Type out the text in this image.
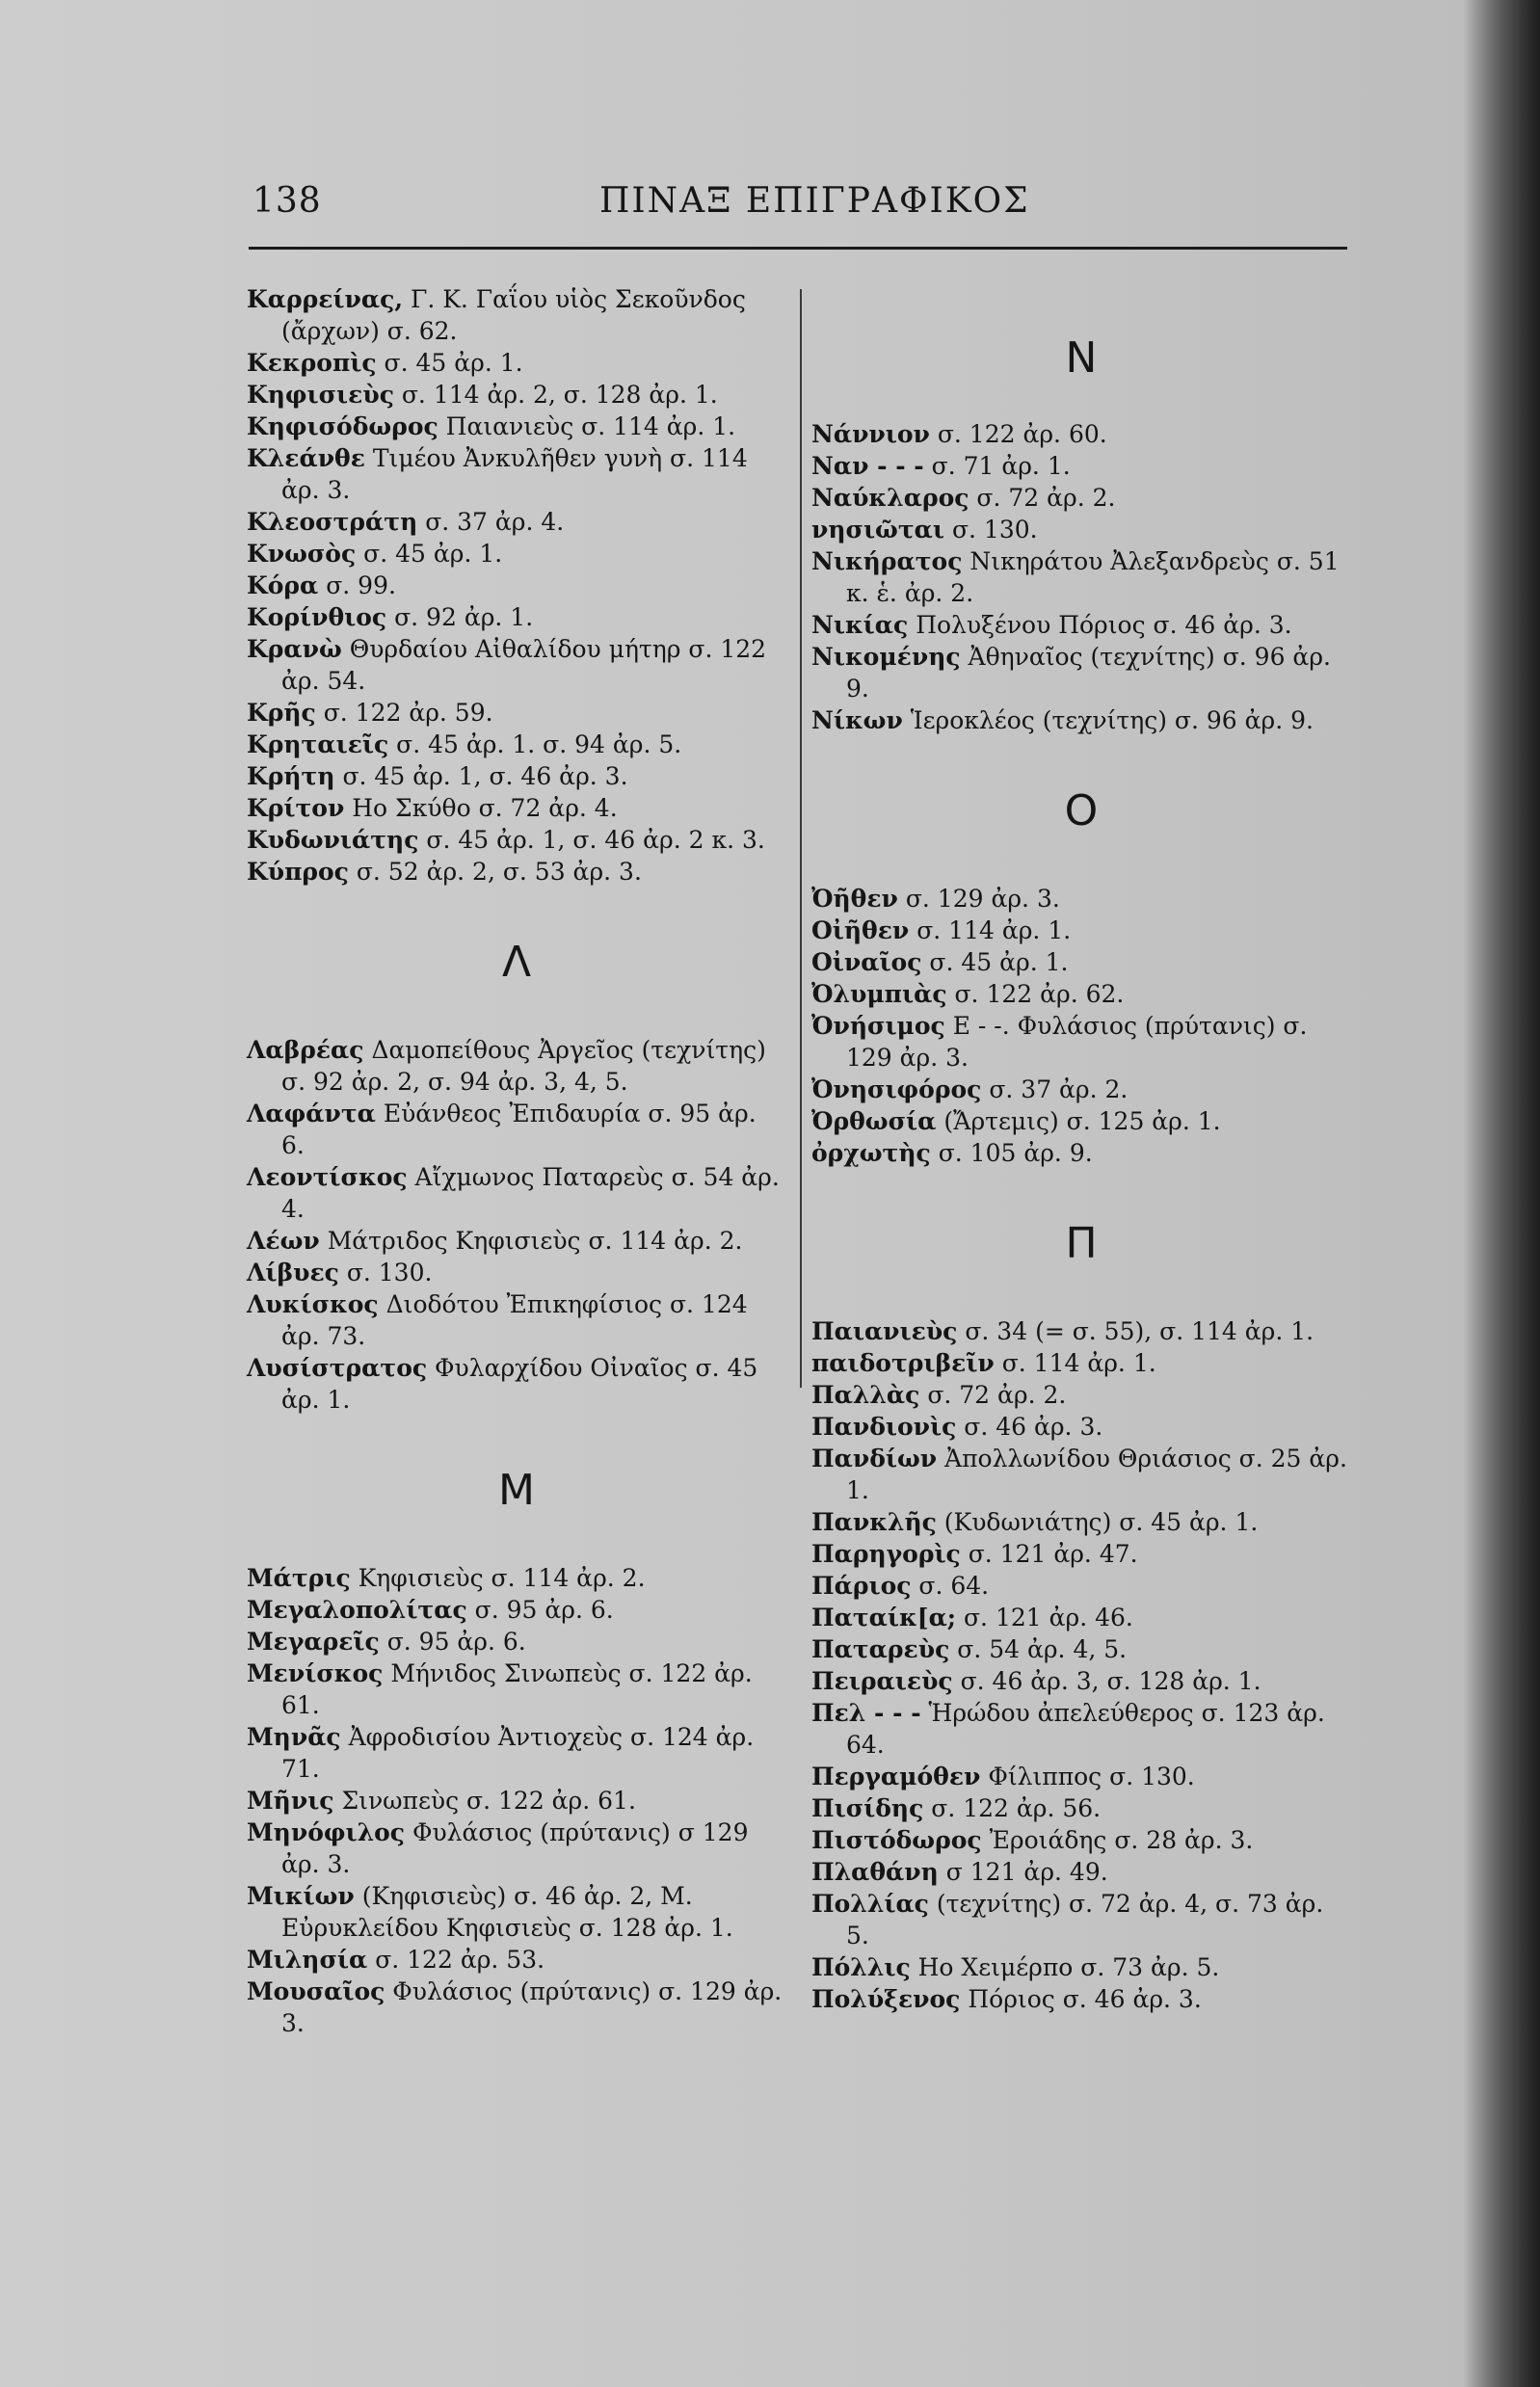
138	ΠΙΝΑΞ ΕΠΙΓΡΑΦΙΚΟΣ

Καρρείνας, Γ. Κ. Γαΐου υἱὸς Σεκοῦνδος (ἄρχων) σ. 62.

Κεκροπὶς σ. 45 ἀρ. 1.

Κηφισιεὺς σ. 114 ἀρ. 2, σ. 128 ἀρ. 1.

Κηφισόδωρος Παιανιεὺς σ. 114 ἀρ. 1.

Κλεάνθε Τιμέου Ἀνκυλῆθεν γυνὴ σ. 114 ἀρ. 3.

Κλεοστράτη σ. 37 ἀρ. 4.

Κνωσὸς σ. 45 ἀρ. 1.

Κόρα σ. 99.

Κορίνθιος σ. 92 ἀρ. 1.

Κρανὼ Θυρδαίου Αἰθαλίδου μήτηρ σ. 122 ἀρ. 54.

Κρῆς σ. 122 ἀρ. 59.

Κρηταιεῖς σ. 45 ἀρ. 1. σ. 94 ἀρ. 5.

Κρήτη σ. 45 ἀρ. 1, σ. 46 ἀρ. 3.

Κρίτον Ηο Σκύθο σ. 72 ἀρ. 4.

Κυδωνιάτης σ. 45 ἀρ. 1, σ. 46 ἀρ. 2 κ. 3.

Κύπρος σ. 52 ἀρ. 2, σ. 53 ἀρ. 3.

Λ

Λαβρέας Δαμοπείθους Ἀργεῖος (τεχνίτης) σ. 92 ἀρ. 2, σ. 94 ἀρ. 3, 4, 5.

Λαφάντα Εὐάνθεος Ἐπιδαυρία σ. 95 ἀρ. 6.

Λεοντίσκος Αἴχμωνος Παταρεὺς σ. 54 ἀρ. 4.

Λέων Μάτριδος Κηφισιεὺς σ. 114 ἀρ. 2.

Λίβυες σ. 130.

Λυκίσκος Διοδότου Ἐπικηφίσιος σ. 124 ἀρ. 73.

Λυσίστρατος Φυλαρχίδου Οἰναῖος σ. 45 ἀρ. 1.

Μ

Μάτρις Κηφισιεὺς σ. 114 ἀρ. 2.

Μεγαλοπολίτας σ. 95 ἀρ. 6.

Μεγαρεῖς σ. 95 ἀρ. 6.

Μενίσκος Μήνιδος Σινωπεὺς σ. 122 ἀρ. 61.

Μηνᾶς Ἀφροδισίου Ἀντιοχεὺς σ. 124 ἀρ. 71.

Μῆνις Σινωπεὺς σ. 122 ἀρ. 61.

Μηνόφιλος Φυλάσιος (πρύτανις) σ 129 ἀρ. 3.

Μικίων (Κηφισιεὺς) σ. 46 ἀρ. 2, Μ. Εὐρυκλείδου Κηφισιεὺς σ. 128 ἀρ. 1.

Μιλησία σ. 122 ἀρ. 53.

Μουσαῖος Φυλάσιος (πρύτανις) σ. 129 ἀρ. 3.

Ν

Νάννιον σ. 122 ἀρ. 60.

Ναν - - - σ. 71 ἀρ. 1.

Ναύκλαρος σ. 72 ἀρ. 2.

νησιῶται σ. 130.

Νικήρατος Νικηράτου Ἀλεξανδρεὺς σ. 51 κ. ἑ. ἀρ. 2.

Νικίας Πολυξένου Πόριος σ. 46 ἀρ. 3.

Νικομένης Ἀθηναῖος (τεχνίτης) σ. 96 ἀρ. 9.

Νίκων Ἱεροκλέος (τεχνίτης) σ. 96 ἀρ. 9.

Ο

Ὀῆθεν σ. 129 ἀρ. 3.

Οἰῆθεν σ. 114 ἀρ. 1.

Οἰναῖος σ. 45 ἀρ. 1.

Ὀλυμπιὰς σ. 122 ἀρ. 62.

Ὀνήσιμος Ε - -. Φυλάσιος (πρύτανις) σ. 129 ἀρ. 3.

Ὀνησιφόρος σ. 37 ἀρ. 2.

Ὀρθωσία (Ἄρτεμις) σ. 125 ἀρ. 1.

ὀρχωτὴς σ. 105 ἀρ. 9.

Π

Παιανιεὺς σ. 34 (= σ. 55), σ. 114 ἀρ. 1.

παιδοτριβεῖν σ. 114 ἀρ. 1.

Παλλὰς σ. 72 ἀρ. 2.

Πανδιονὶς σ. 46 ἀρ. 3.

Πανδίων Ἀπολλωνίδου Θριάσιος σ. 25 ἀρ. 1.

Πανκλῆς (Κυδωνιάτης) σ. 45 ἀρ. 1.

Παρηγορὶς σ. 121 ἀρ. 47.

Πάριος σ. 64.

Παταίκ[α; σ. 121 ἀρ. 46.

Παταρεὺς σ. 54 ἀρ. 4, 5.

Πειραιεὺς σ. 46 ἀρ. 3, σ. 128 ἀρ. 1.

Πελ - - - Ἡρώδου ἀπελεύθερος σ. 123 ἀρ. 64.

Περγαμόθεν Φίλιππος σ. 130.

Πισίδης σ. 122 ἀρ. 56.

Πιστόδωρος Ἐροιάδης σ. 28 ἀρ. 3.

Πλαθάνη σ 121 ἀρ. 49.

Πολλίας (τεχνίτης) σ. 72 ἀρ. 4, σ. 73 ἀρ. 5.

Πόλλις Ηο Χειμέρπο σ. 73 ἀρ. 5.

Πολύξενος Πόριος σ. 46 ἀρ. 3.
